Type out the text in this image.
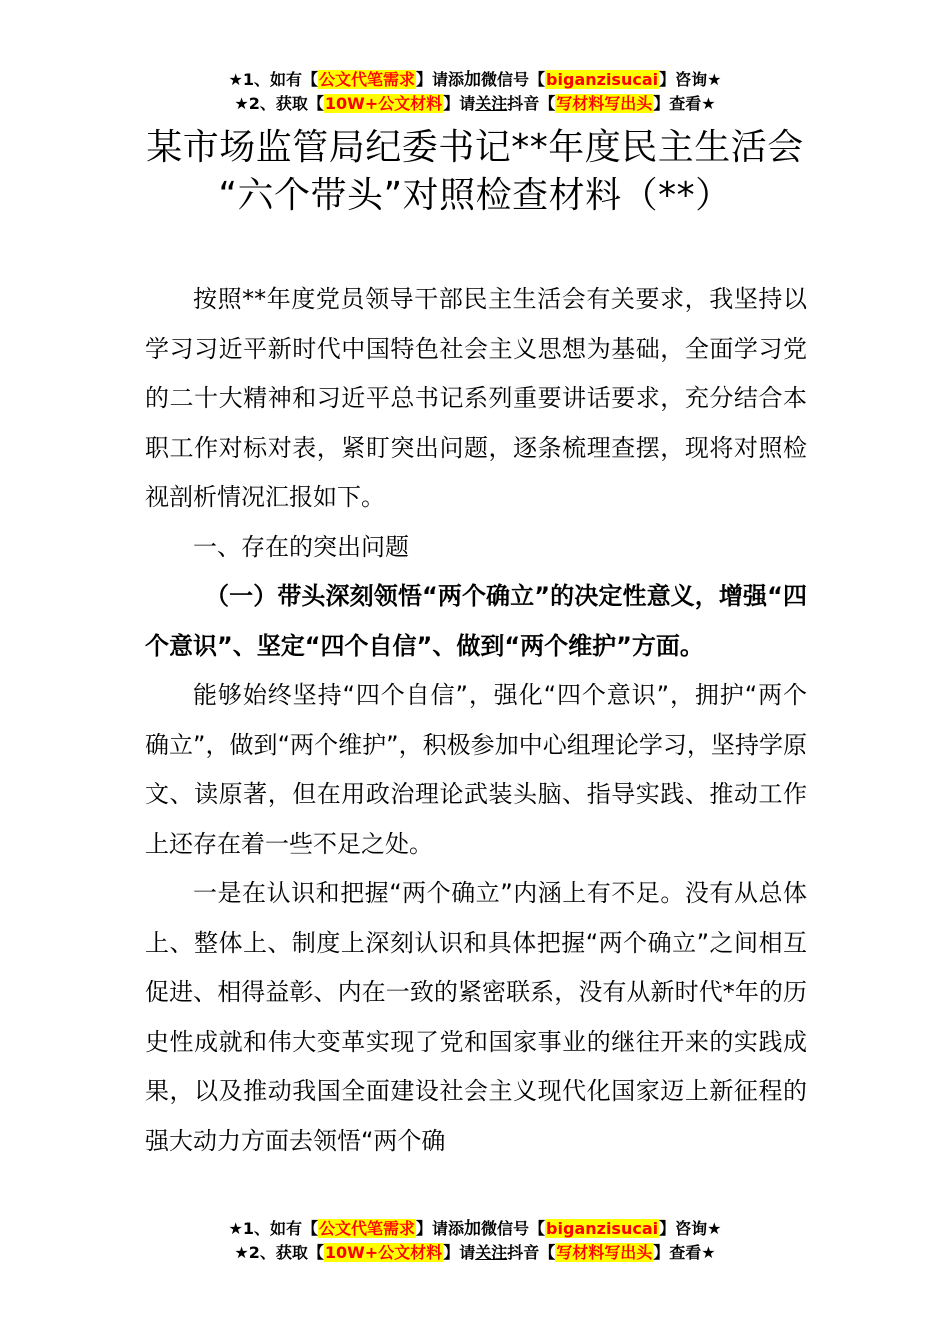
★1、如有【公文代笔需求】请添加微信号【biganzisucai】咨询★
★2、获取【10W+公文材料】请关注抖音【写材料写出头】查看★
某市场监管局纪委书记**年度民主生活会
“六个带头”对照检查材料（**）

按照**年度党员领导干部民主生活会有关要求，我坚持以学习习近平新时代中国特色社会主义思想为基础，全面学习党的二十大精神和习近平总书记系列重要讲话要求，充分结合本职工作对标对表，紧盯突出问题，逐条梳理查摆，现将对照检视剖析情况汇报如下。

一、存在的突出问题

（一）带头深刻领悟“两个确立”的决定性意义，增强“四个意识”、坚定“四个自信”、做到“两个维护”方面。

能够始终坚持“四个自信”，强化“四个意识”，拥护“两个确立”，做到“两个维护”，积极参加中心组理论学习，坚持学原文、读原著，但在用政治理论武装头脑、指导实践、推动工作上还存在着一些不足之处。

一是在认识和把握“两个确立”内涵上有不足。没有从总体上、整体上、制度上深刻认识和具体把握“两个确立”之间相互促进、相得益彰、内在一致的紧密联系，没有从新时代*年的历史性成就和伟大变革实现了党和国家事业的继往开来的实践成果，以及推动我国全面建设社会主义现代化国家迈上新征程的强大动力方面去领悟“两个确

★1、如有【公文代笔需求】请添加微信号【biganzisucai】咨询★
★2、获取【10W+公文材料】请关注抖音【写材料写出头】查看★
